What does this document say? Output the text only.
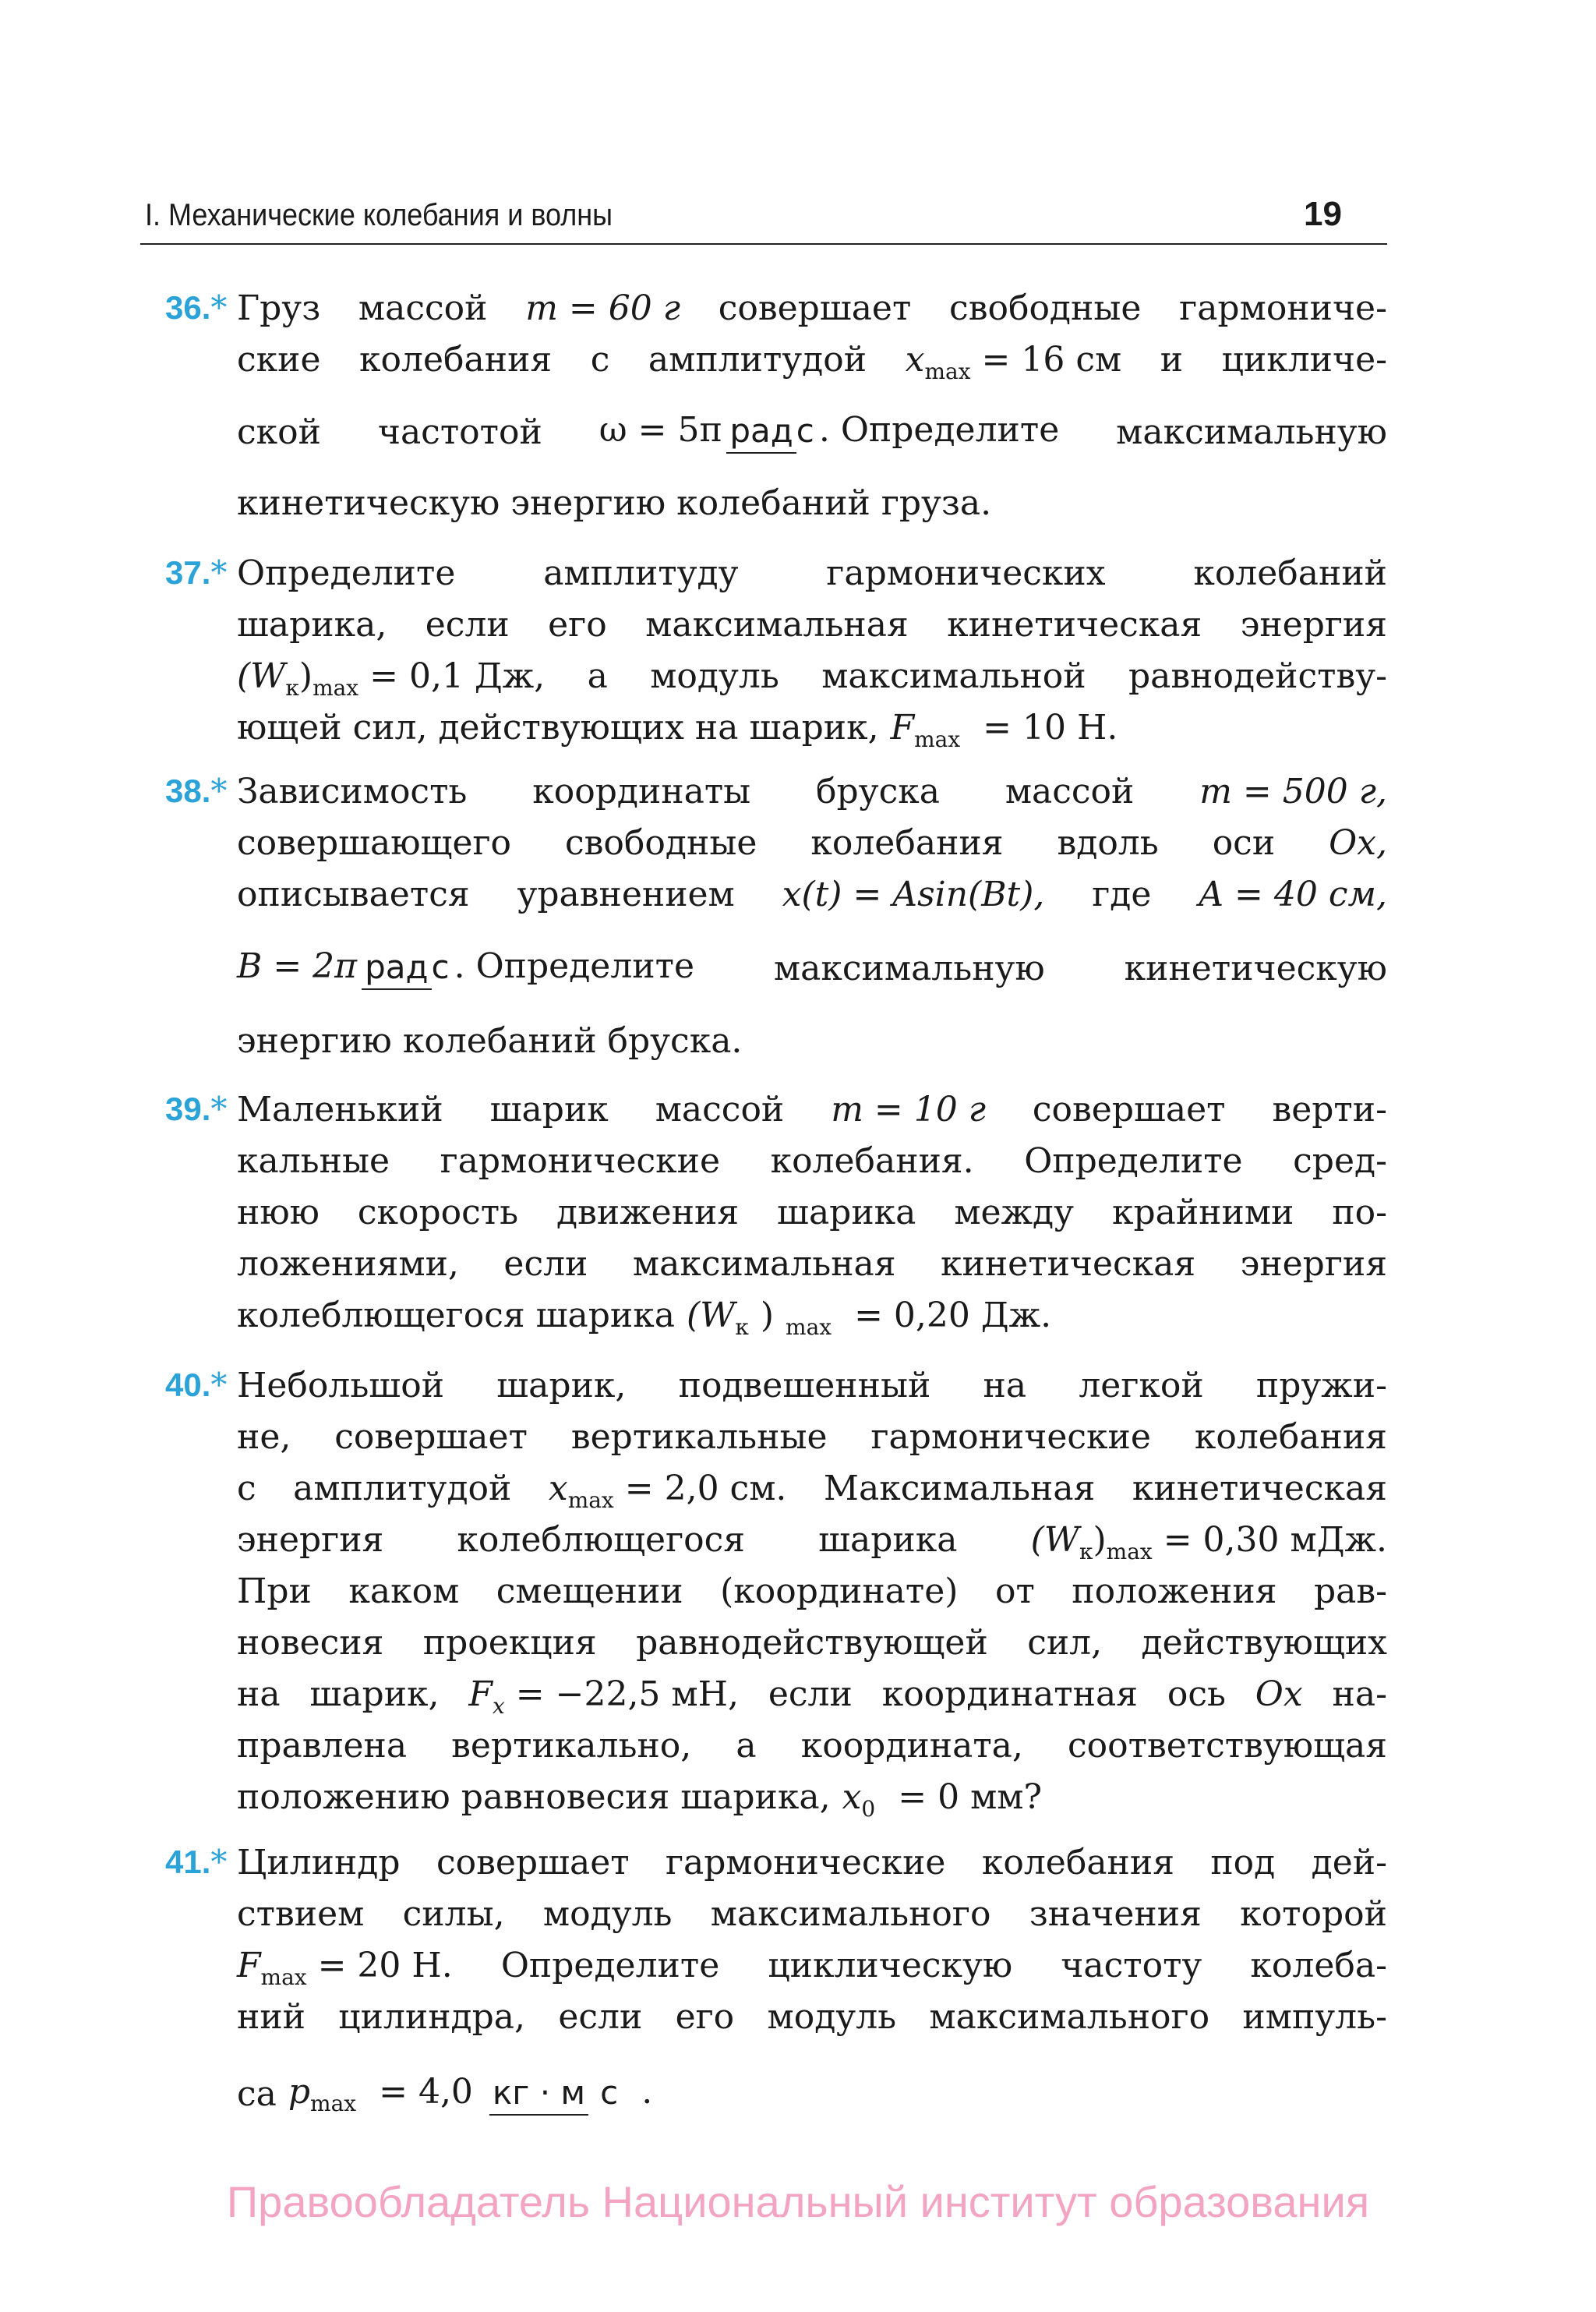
I. Механические колебания и волны	19
36.* Груз массой m = 60 г совершает свободные гармониче-
ские колебания с амплитудой xmax = 16 см и цикличе-
ской частотой ω = 5π радс . Определите максимальную
кинетическую энергию колебаний груза.
37.* Определите	амплитуду	гармонических	колебаний
шарика, если его максимальная кинетическая энергия
(Wк)max = 0,1 Дж, а модуль максимальной равнодейству-
ющей сил, действующих на шарик, Fmax = 10 Н.
38.* Зависимость координаты бруска массой m = 500 г,
совершающего свободные колебания вдоль оси Ox,
описывается уравнением x(t) = Asin(Bt), где A = 40 см,
B = 2π радс . Определите максимальную кинетическую
энергию колебаний бруска.
39.* Маленький шарик массой m = 10 г совершает верти-
кальные гармонические колебания. Определите сред-
нюю скорость движения шарика между крайними по-
ложениями, если максимальная кинетическая энергия
колеблющегося шарика (Wк ) max = 0,20 Дж.
40.* Небольшой шарик, подвешенный на легкой пружи-
не, совершает вертикальные гармонические колебания
с амплитудой xmax = 2,0 см. Максимальная кинетическая
энергия колеблющегося шарика (Wк)max = 0,30 мДж.
При каком смещении (координате) от положения рав-
новесия проекция равнодействующей сил, действующих
на шарик, Fx = −22,5 мН, если координатная ось Ox на-
правлена вертикально, а координата, соответствующая
положению равновесия шарика, x0 = 0 мм?
41.* Цилиндр совершает гармонические колебания под дей-
ствием силы, модуль максимального значения которой
Fmax = 20 Н. Определите циклическую частоту колеба-
ний цилиндра, если его модуль максимального импуль-
са pmax = 4,0 кг · м с .
Правообладатель Национальный институт образования
